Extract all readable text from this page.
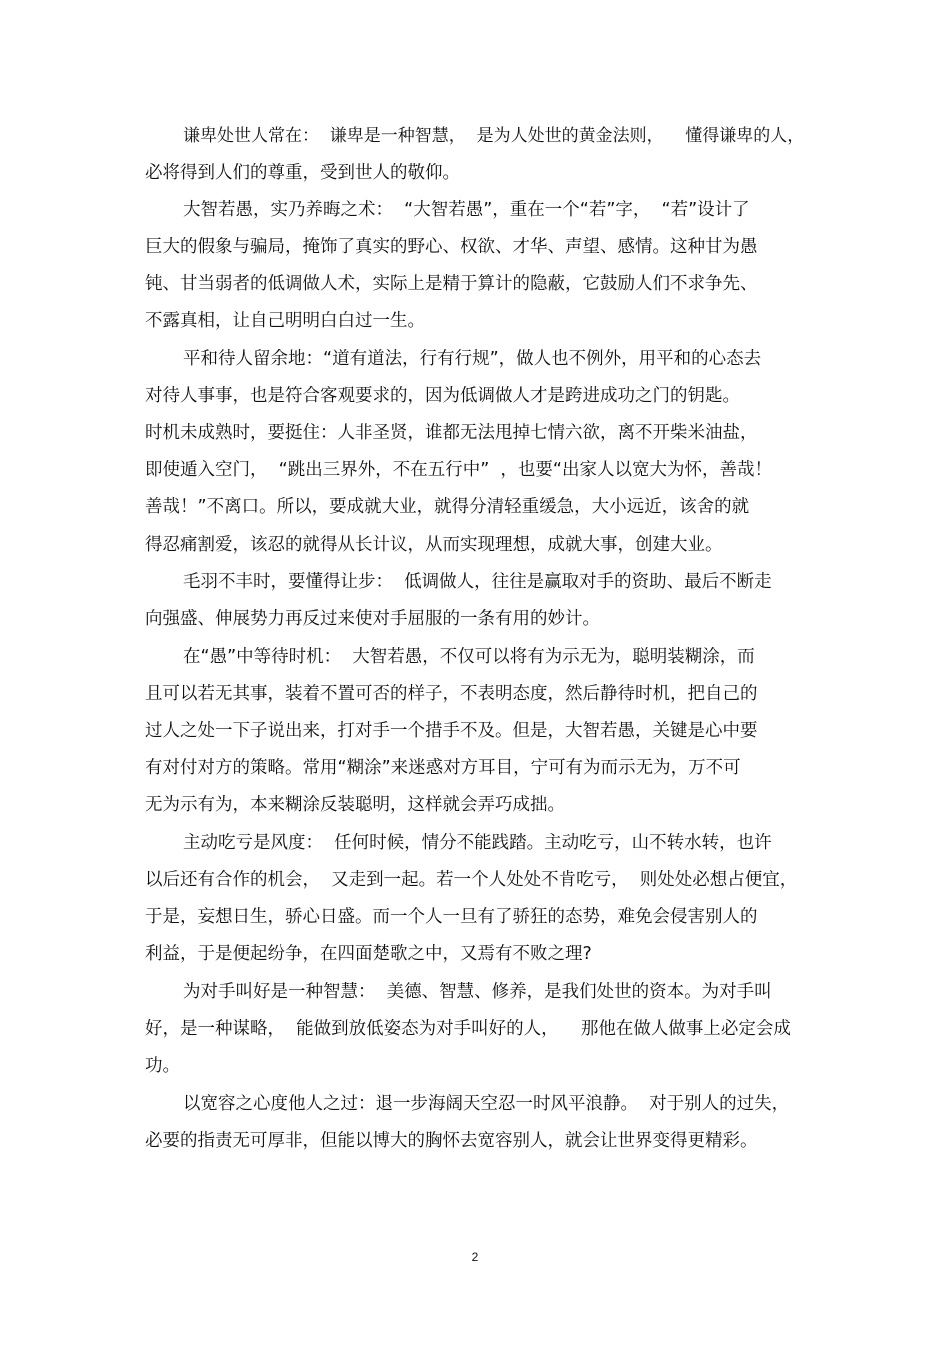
谦卑处世人常在：  谦卑是一种智慧，  是为人处世的黄金法则，    懂得谦卑的人，
必将得到人们的尊重，受到世人的敬仰。
大智若愚，实乃养晦之术：  “大智若愚”，重在一个“若”字，  “若”设计了
巨大的假象与骗局，掩饰了真实的野心、权欲、才华、声望、感情。这种甘为愚
钝、甘当弱者的低调做人术，实际上是精于算计的隐蔽，它鼓励人们不求争先、
不露真相，让自己明明白白过一生。
平和待人留余地：“道有道法，行有行规”，做人也不例外，用平和的心态去
对待人事事，也是符合客观要求的，因为低调做人才是跨进成功之门的钥匙。
时机未成熟时，要挺住：人非圣贤，谁都无法甩掉七情六欲，离不开柴米油盐，
即使遁入空门，  “跳出三界外，不在五行中”  ，也要“出家人以宽大为怀，善哉！
善哉！”不离口。所以，要成就大业，就得分清轻重缓急，大小远近，该舍的就
得忍痛割爱，该忍的就得从长计议，从而实现理想，成就大事，创建大业。
毛羽不丰时，要懂得让步：  低调做人，往往是赢取对手的资助、最后不断走
向强盛、伸展势力再反过来使对手屈服的一条有用的妙计。
在“愚”中等待时机：  大智若愚，不仅可以将有为示无为，聪明装糊涂，而
且可以若无其事，装着不置可否的样子，不表明态度，然后静待时机，把自己的
过人之处一下子说出来，打对手一个措手不及。但是，大智若愚，关键是心中要
有对付对方的策略。常用“糊涂”来迷惑对方耳目，宁可有为而示无为，万不可
无为示有为，本来糊涂反装聪明，这样就会弄巧成拙。
主动吃亏是风度：  任何时候，情分不能践踏。主动吃亏，山不转水转，也许
以后还有合作的机会，  又走到一起。若一个人处处不肯吃亏，  则处处必想占便宜，
于是，妄想日生，骄心日盛。而一个人一旦有了骄狂的态势，难免会侵害别人的
利益，于是便起纷争，在四面楚歌之中，又焉有不败之理?
为对手叫好是一种智慧：  美德、智慧、修养，是我们处世的资本。为对手叫
好，是一种谋略，  能做到放低姿态为对手叫好的人，    那他在做人做事上必定会成
功。
以宽容之心度他人之过：退一步海阔天空忍一时风平浪静。  对于别人的过失，
必要的指责无可厚非，但能以博大的胸怀去宽容别人，就会让世界变得更精彩。
2
